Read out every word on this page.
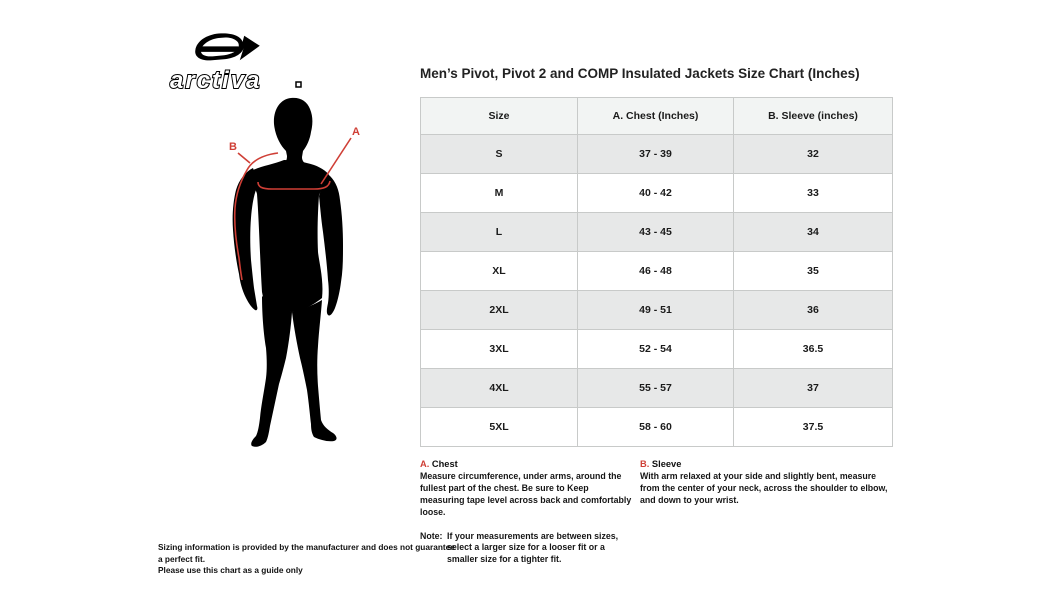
arctiva
B
A
Men’s Pivot, Pivot 2 and COMP Insulated Jackets Size Chart (Inches)
Size	A. Chest (Inches)	B. Sleeve (inches)
S	37 - 39	32
M	40 - 42	33
L	43 - 45	34
XL	46 - 48	35
2XL	49 - 51	36
3XL	52 - 54	36.5
4XL	55 - 57	37
5XL	58 - 60	37.5
A. Chest

Measure circumference, under arms, around the fullest part of the chest. Be sure to Keep measuring tape level across back and comfortably loose.

Note: If your measurements are between sizes, select a larger size for a looser fit or a smaller size for a tighter fit.
B. Sleeve

With arm relaxed at your side and slightly bent, measure from the center of your neck, across the shoulder to elbow, and down to your wrist.

Sizing information is provided by the manufacturer and does not guarantee a perfect fit.
Please use this chart as a guide only
